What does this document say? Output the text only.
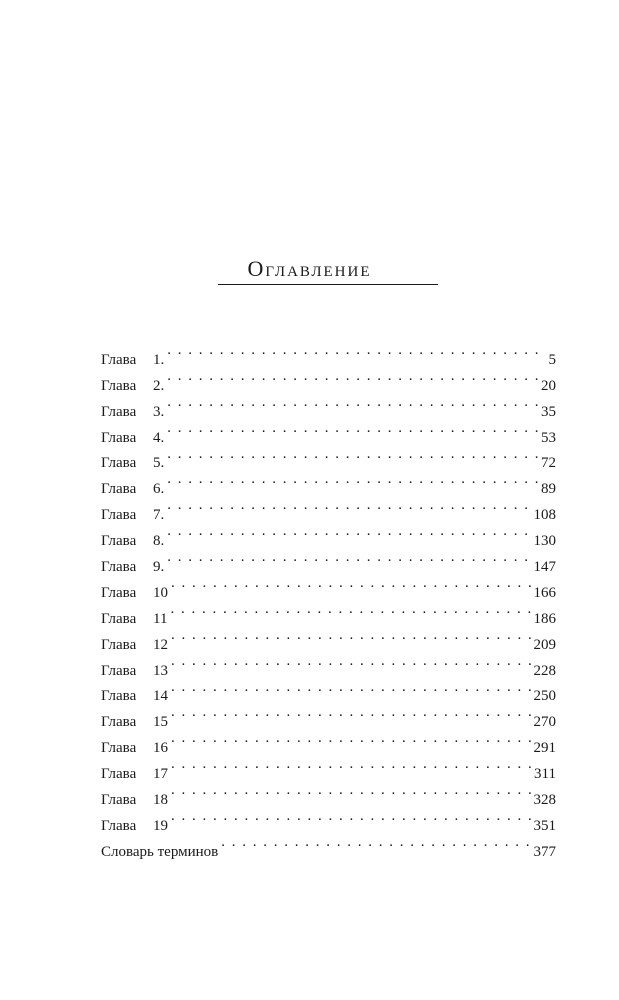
Оглавление
Глава 1. . . .	5
Глава 2. . . .	20
Глава 3. . . .	35
Глава 4. . . .	53
Глава 5. . . .	72
Глава 6. . . .	89
Глава 7. . . .	108
Глава 8. . . .	130
Глава 9. . . .	147
Глава 10 . . .	166
Глава 11 . . .	186
Глава 12 . . .	209
Глава 13 . . .	228
Глава 14 . . .	250
Глава 15 . . .	270
Глава 16 . . .	291
Глава 17 . . .	311
Глава 18 . . .	328
Глава 19 . . .	351
Словарь терминов . . .	377
